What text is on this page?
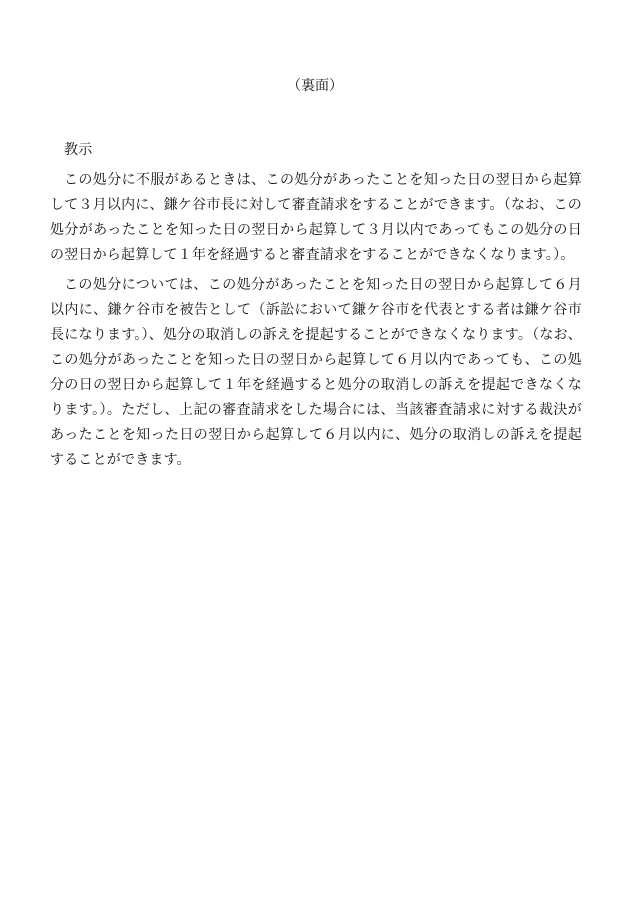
（裏面）

教示

この処分に不服があるときは、この処分があったことを知った日の翌日から起算して３月以内に、鎌ケ谷市長に対して審査請求をすることができます。（なお、この処分があったことを知った日の翌日から起算して３月以内であってもこの処分の日の翌日から起算して１年を経過すると審査請求をすることができなくなります。）。

この処分については、この処分があったことを知った日の翌日から起算して６月以内に、鎌ケ谷市を被告として（訴訟において鎌ケ谷市を代表とする者は鎌ケ谷市長になります。）、処分の取消しの訴えを提起することができなくなります。（なお、この処分があったことを知った日の翌日から起算して６月以内であっても、この処分の日の翌日から起算して１年を経過すると処分の取消しの訴えを提起できなくなります。）。ただし、上記の審査請求をした場合には、当該審査請求に対する裁決があったことを知った日の翌日から起算して６月以内に、処分の取消しの訴えを提起することができます。
